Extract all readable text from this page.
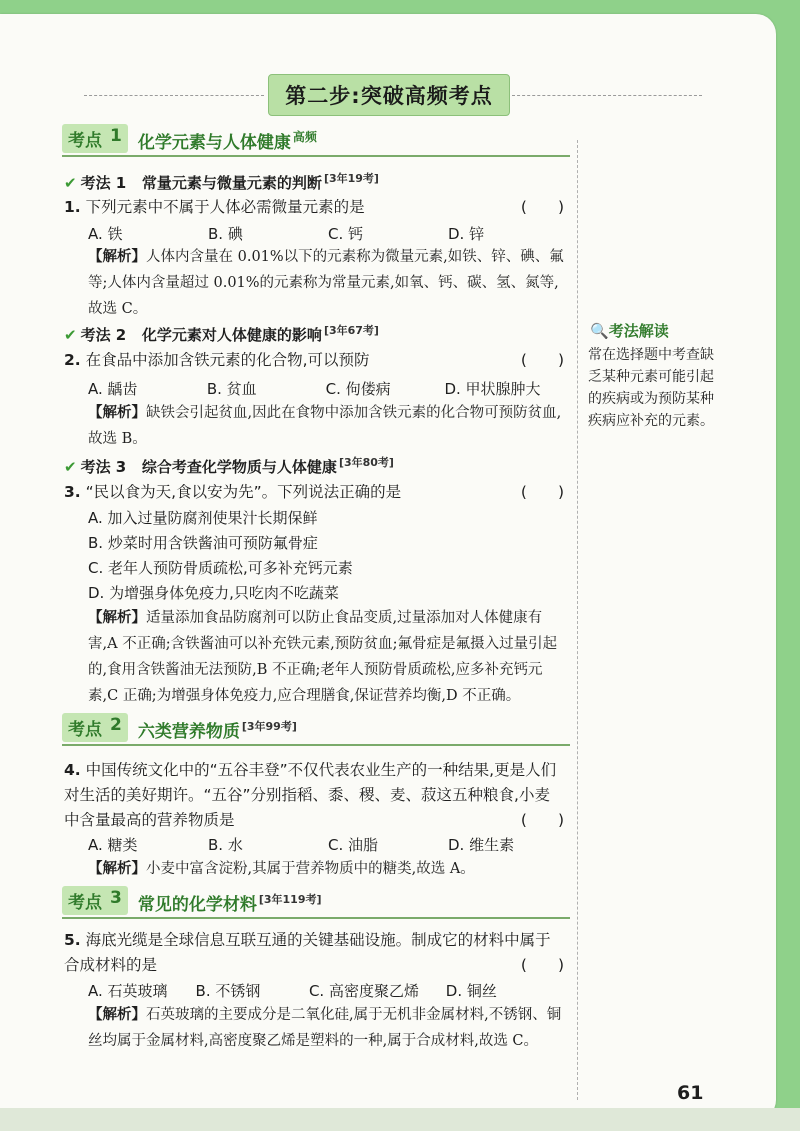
第二步:突破高频考点
考点 1 化学元素与人体健康 $^{高频}$
✔ 考法 1 常量元素与微量元素的判断 [3年19考]
1. 下列元素中不属于人体必需微量元素的是	(　　)
A. 铁	B. 碘	C. 钙	D. 锌
【解析】人体内含量在 0.01%以下的元素称为微量元素,如铁、锌、碘、氟等;人体内含量超过 0.01%的元素称为常量元素,如氧、钙、碳、氢、氮等,故选 C。
✔ 考法 2 化学元素对人体健康的影响 [3年67考]
2. 在食品中添加含铁元素的化合物,可以预防	(　　)
A. 龋齿	B. 贫血	C. 佝偻病	D. 甲状腺肿大
【解析】缺铁会引起贫血,因此在食物中添加含铁元素的化合物可预防贫血,故选 B。
✔ 考法 3 综合考查化学物质与人体健康 [3年80考]
3. “民以食为天,食以安为先”。下列说法正确的是	(　　)
A. 加入过量防腐剂使果汁长期保鲜
B. 炒菜时用含铁酱油可预防氟骨症
C. 老年人预防骨质疏松,可多补充钙元素
D. 为增强身体免疫力,只吃肉不吃蔬菜
【解析】适量添加食品防腐剂可以防止食品变质,过量添加对人体健康有害,A 不正确;含铁酱油可以补充铁元素,预防贫血;氟骨症是氟摄入过量引起的,食用含铁酱油无法预防,B 不正确;老年人预防骨质疏松,应多补充钙元素,C 正确;为增强身体免疫力,应合理膳食,保证营养均衡,D 不正确。
考点 2 六类营养物质 [3年99考]
4. 中国传统文化中的“五谷丰登”不仅代表农业生产的一种结果,更是人们对生活的美好期许。“五谷”分别指稻、黍、稷、麦、菽这五种粮食,小麦中含量最高的营养物质是	(　　)
A. 糖类	B. 水	C. 油脂	D. 维生素
【解析】小麦中富含淀粉,其属于营养物质中的糖类,故选 A。
考点 3 常见的化学材料 [3年119考]
5. 海底光缆是全球信息互联互通的关键基础设施。制成它的材料中属于合成材料的是	(　　)
A. 石英玻璃	B. 不锈钢	C. 高密度聚乙烯	D. 铜丝
【解析】石英玻璃的主要成分是二氧化硅,属于无机非金属材料,不锈钢、铜丝均属于金属材料,高密度聚乙烯是塑料的一种,属于合成材料,故选 C。
🔍考法解读
常在选择题中考查缺乏某种元素可能引起的疾病或为预防某种疾病应补充的元素。
61
